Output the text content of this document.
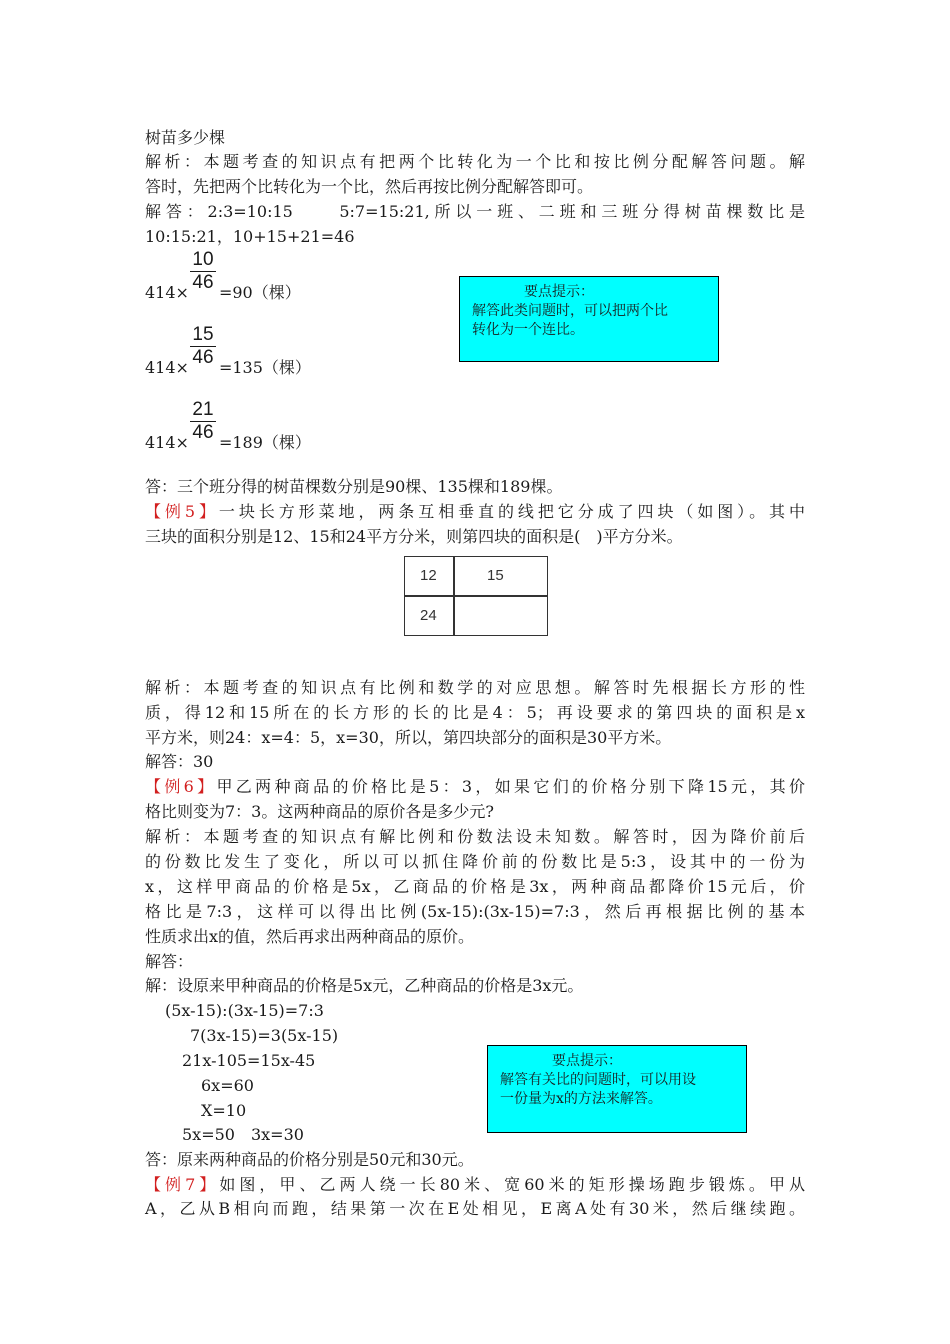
树苗多少棵
解析：本题考查的知识点有把两个比转化为一个比和按比例分配解答问题。解
答时，先把两个比转化为一个比，然后再按比例分配解答即可。
解答：2:3=10:15　　5:7=15:21,所以一班、二班和三班分得树苗棵数比是
10:15:21，10+15+21=46
$\frac{10}{46}$
414× =90（棵）
$\frac{15}{46}$
414× =135（棵）
$\frac{21}{46}$
414× =189（棵）
要点提示：
解答此类问题时，可以把两个比
转化为一个连比。
答：三个班分得的树苗棵数分别是90棵、135棵和189棵。
【例5】一块长方形菜地，两条互相垂直的线把它分成了四块（如图）。其中
三块的面积分别是12、15和24平方分米，则第四块的面积是(　)平方分米。
12	15
24
解析：本题考查的知识点有比例和数学的对应思想。解答时先根据长方形的性
质，得12和15所在的长方形的长的比是4：5；再设要求的第四块的面积是x
平方米，则24：x=4：5，x=30，所以，第四块部分的面积是30平方米。
解答：30
【例6】甲乙两种商品的价格比是5：3，如果它们的价格分别下降15元，其价
格比则变为7：3。这两种商品的原价各是多少元?
解析：本题考查的知识点有解比例和份数法设未知数。解答时，因为降价前后
的份数比发生了变化，所以可以抓住降价前的份数比是5:3，设其中的一份为
x，这样甲商品的价格是5x，乙商品的价格是3x，两种商品都降价15元后，价
格比是7:3，这样可以得出比例(5x-15):(3x-15)=7:3，然后再根据比例的基本
性质求出x的值，然后再求出两种商品的原价。
解答：
解：设原来甲种商品的价格是5x元，乙种商品的价格是3x元。
(5x-15):(3x-15)=7:3
7(3x-15)=3(5x-15)
21x-105=15x-45
6x=60
X=10
5x=50　3x=30
要点提示：
解答有关比的问题时，可以用设
一份量为x的方法来解答。
答：原来两种商品的价格分别是50元和30元。
【例7】如图，甲、乙两人绕一长80米、宽60米的矩形操场跑步锻炼。甲从
A，乙从B相向而跑，结果第一次在E处相见，E离A处有30米，然后继续跑。
